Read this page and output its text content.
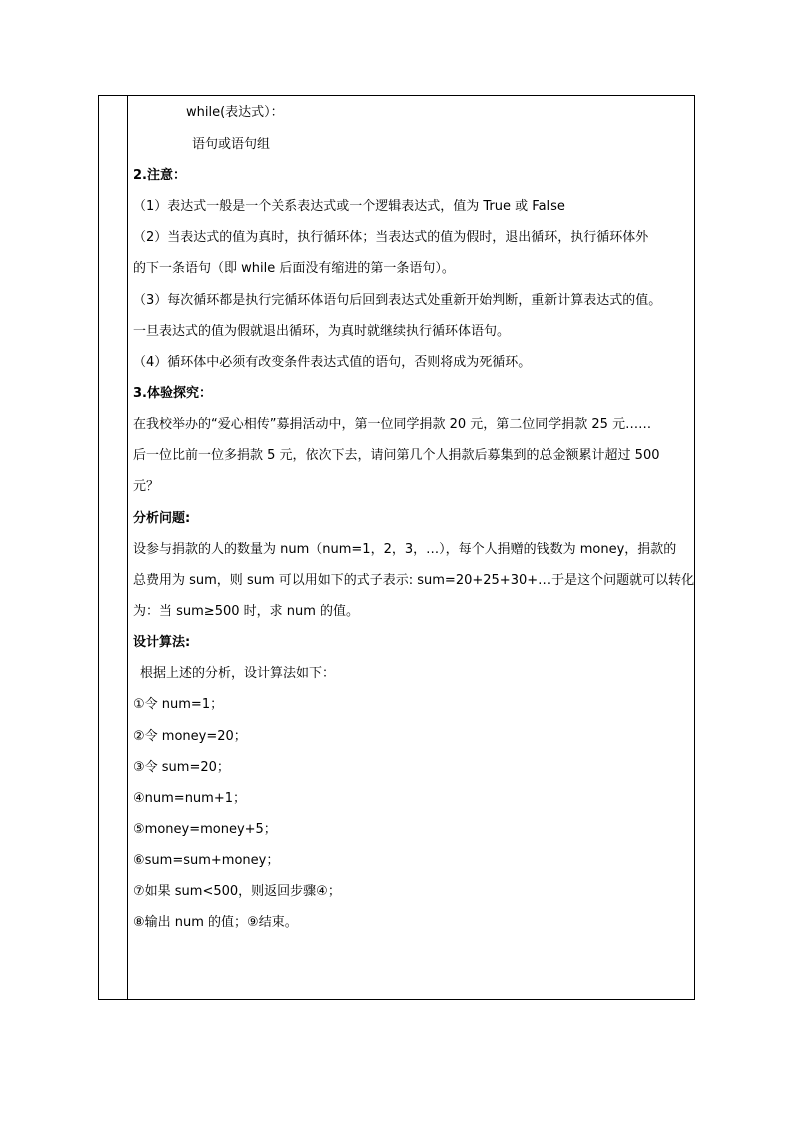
while(表达式）：
语句或语句组
2.注意：
（1）表达式一般是一个关系表达式或一个逻辑表达式，值为 True 或 False
（2）当表达式的值为真时，执行循环体；当表达式的值为假时，退出循环，执行循环体外
的下一条语句（即 while 后面没有缩进的第一条语句）。
（3）每次循环都是执行完循环体语句后回到表达式处重新开始判断，重新计算表达式的值。
一旦表达式的值为假就退出循环，为真时就继续执行循环体语句。
（4）循环体中必须有改变条件表达式值的语句，否则将成为死循环。
3.体验探究：
在我校举办的“爱心相传”募捐活动中，第一位同学捐款 20 元，第二位同学捐款 25 元……
后一位比前一位多捐款 5 元，依次下去，请问第几个人捐款后募集到的总金额累计超过 500
元？
分析问题:
设参与捐款的人的数量为 num（num=1，2，3，…），每个人捐赠的钱数为 money，捐款的
总费用为 sum，则 sum 可以用如下的式子表示: sum=20+25+30+…于是这个问题就可以转化
为：当 sum≥500 时，求 num 的值。
设计算法:
根据上述的分析，设计算法如下：
①令 num=1；
②令 money=20；
③令 sum=20；
④num=num+1；
⑤money=money+5；
⑥sum=sum+money；
⑦如果 sum<500，则返回步骤④；
⑧输出 num 的值；⑨结束。
